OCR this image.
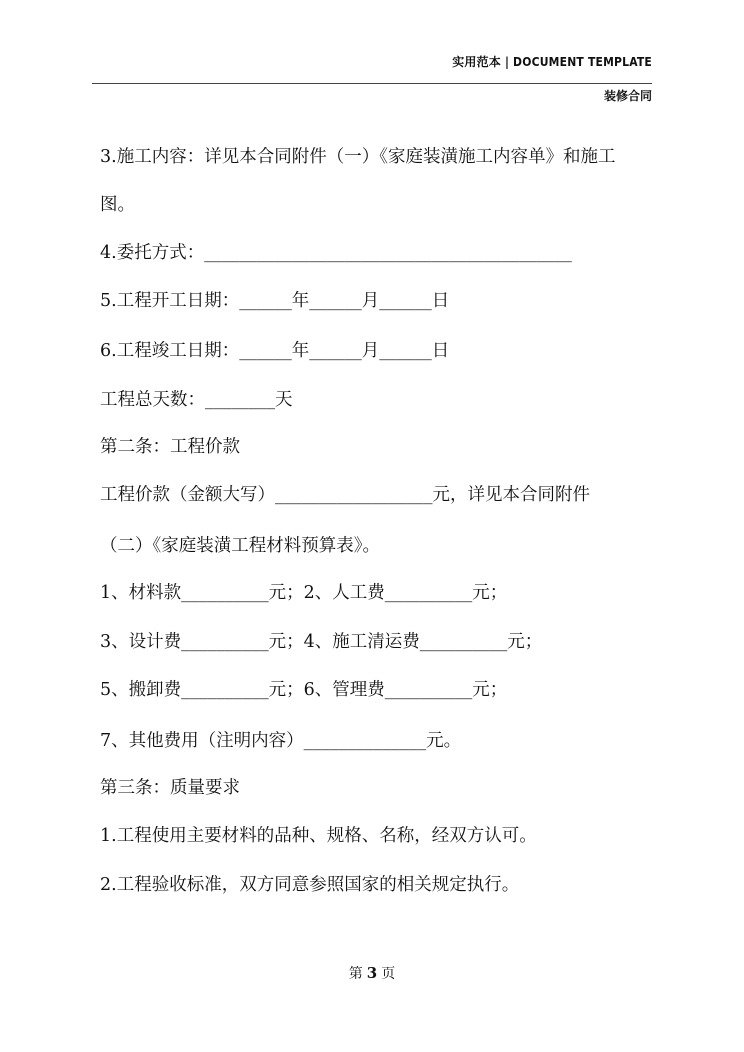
实用范本 | DOCUMENT TEMPLATE
装修合同
3.施工内容：详见本合同附件（一）《家庭装潢施工内容单》和施工
图。
4.委托方式：__________________________________________
5.工程开工日期：______年______月______日
6.工程竣工日期：______年______月______日
工程总天数：________天
第二条：工程价款
工程价款（金额大写）__________________元，详见本合同附件
（二）《家庭装潢工程材料预算表》。
1、材料款__________元；2、人工费__________元；
3、设计费__________元；4、施工清运费__________元；
5、搬卸费__________元；6、管理费__________元；
7、其他费用（注明内容）______________元。
第三条：质量要求
1.工程使用主要材料的品种、规格、名称，经双方认可。
2.工程验收标准，双方同意参照国家的相关规定执行。
第 3 页
